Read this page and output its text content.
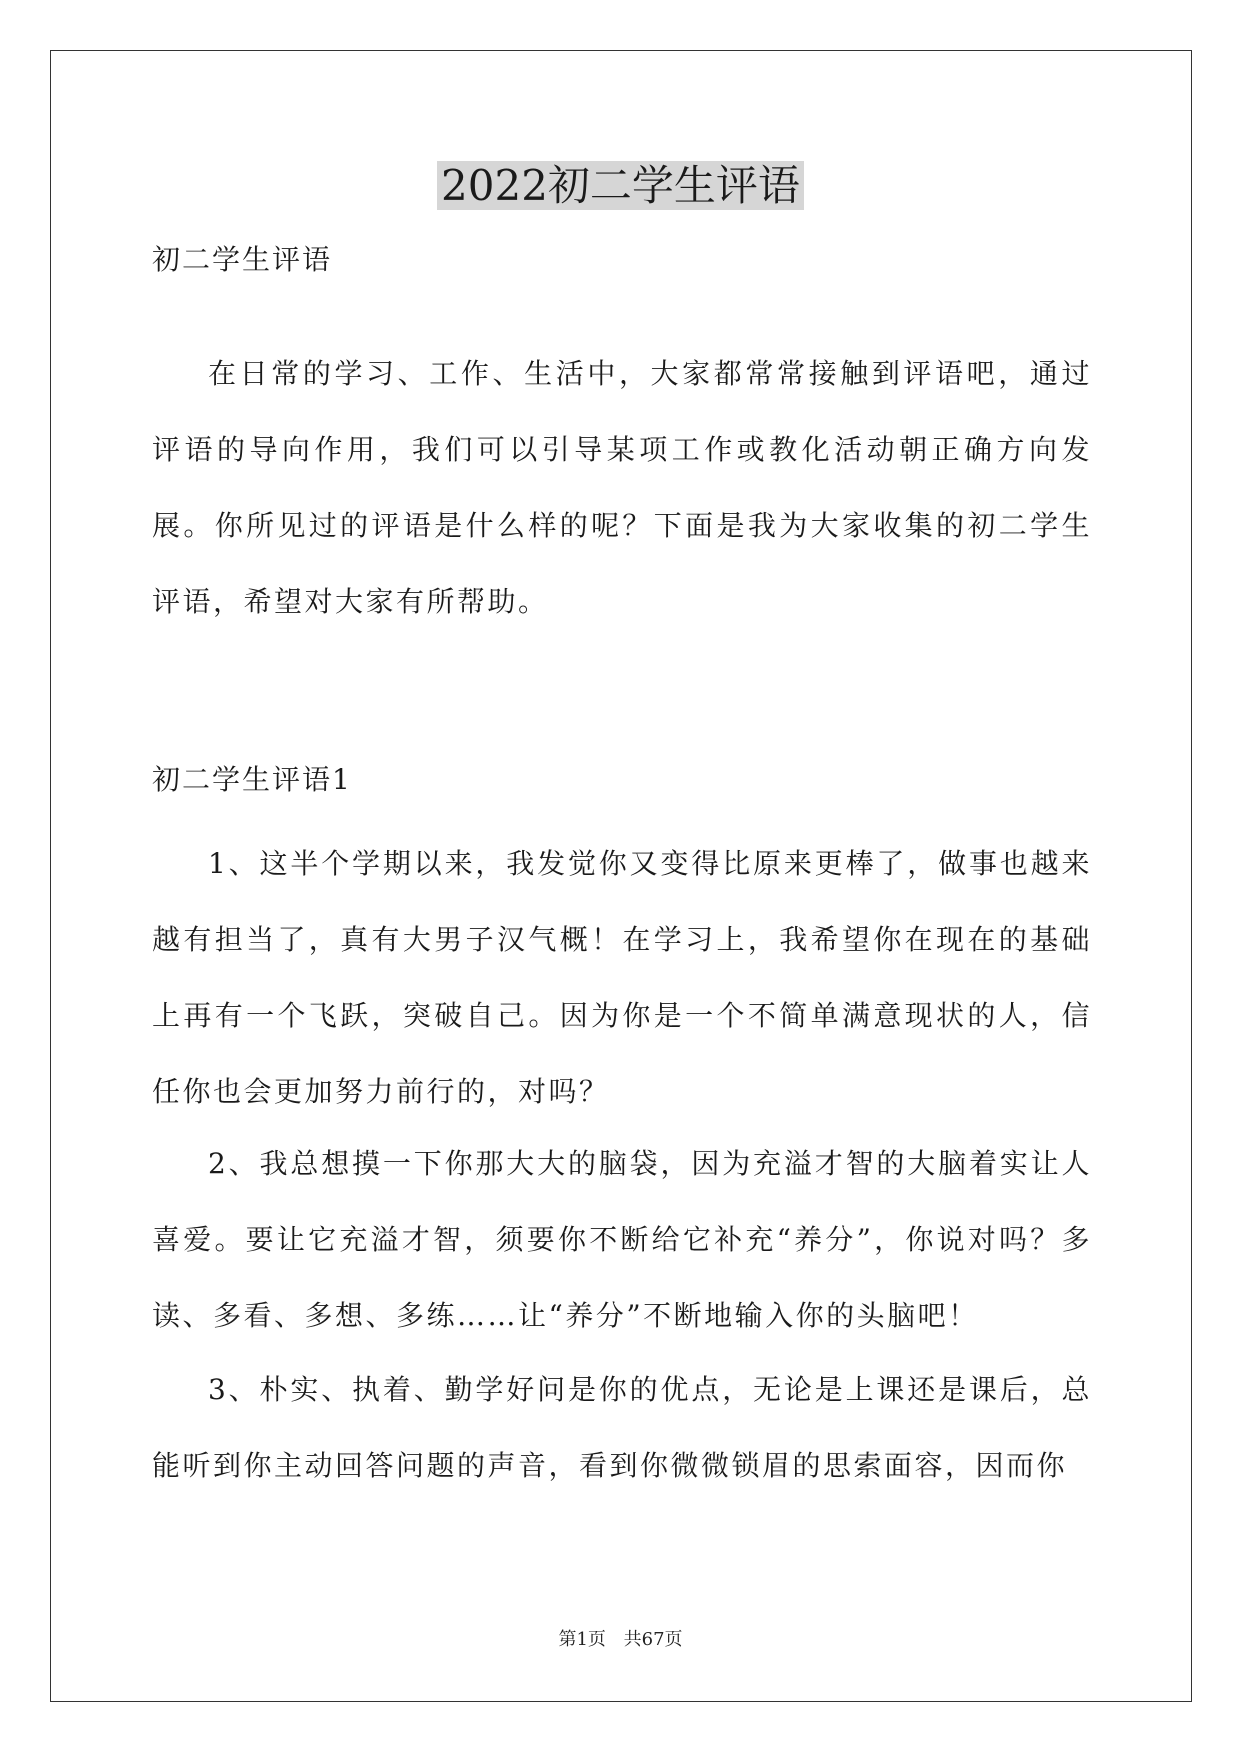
2022初二学生评语

初二学生评语

在日常的学习、工作、生活中，大家都常常接触到评语吧，通过评语的导向作用，我们可以引导某项工作或教化活动朝正确方向发展。你所见过的评语是什么样的呢？下面是我为大家收集的初二学生评语，希望对大家有所帮助。

初二学生评语1

1、这半个学期以来，我发觉你又变得比原来更棒了，做事也越来越有担当了，真有大男子汉气概！在学习上，我希望你在现在的基础上再有一个飞跃，突破自己。因为你是一个不简单满意现状的人，信任你也会更加努力前行的，对吗？

2、我总想摸一下你那大大的脑袋，因为充溢才智的大脑着实让人喜爱。要让它充溢才智，须要你不断给它补充“养分”，你说对吗？多读、多看、多想、多练……让“养分”不断地输入你的头脑吧！

3、朴实、执着、勤学好问是你的优点，无论是上课还是课后，总能听到你主动回答问题的声音，看到你微微锁眉的思索面容，因而你

第1页 共67页
